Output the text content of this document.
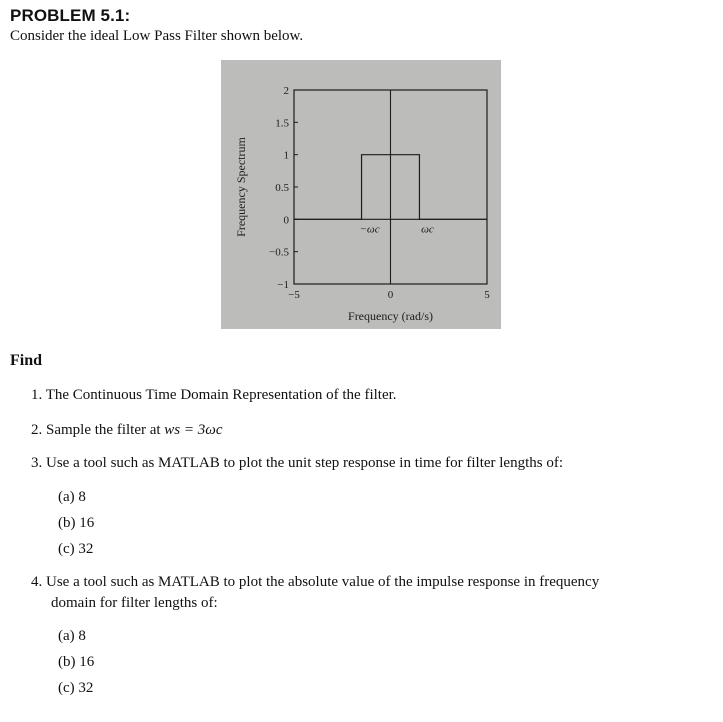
PROBLEM 5.1:
Consider the ideal Low Pass Filter shown below.
2
1.5
1
0.5
0
−0.5
−1
−5	0	5
Frequency (rad/s)
Frequency Spectrum	−ωc	ωc
Find
1. The Continuous Time Domain Representation of the filter.
2. Sample the filter at ws = 3ωc
3. Use a tool such as MATLAB to plot the unit step response in time for filter lengths of:
(a) 8
(b) 16
(c) 32
4. Use a tool such as MATLAB to plot the absolute value of the impulse response in frequency
domain for filter lengths of:
(a) 8
(b) 16
(c) 32
